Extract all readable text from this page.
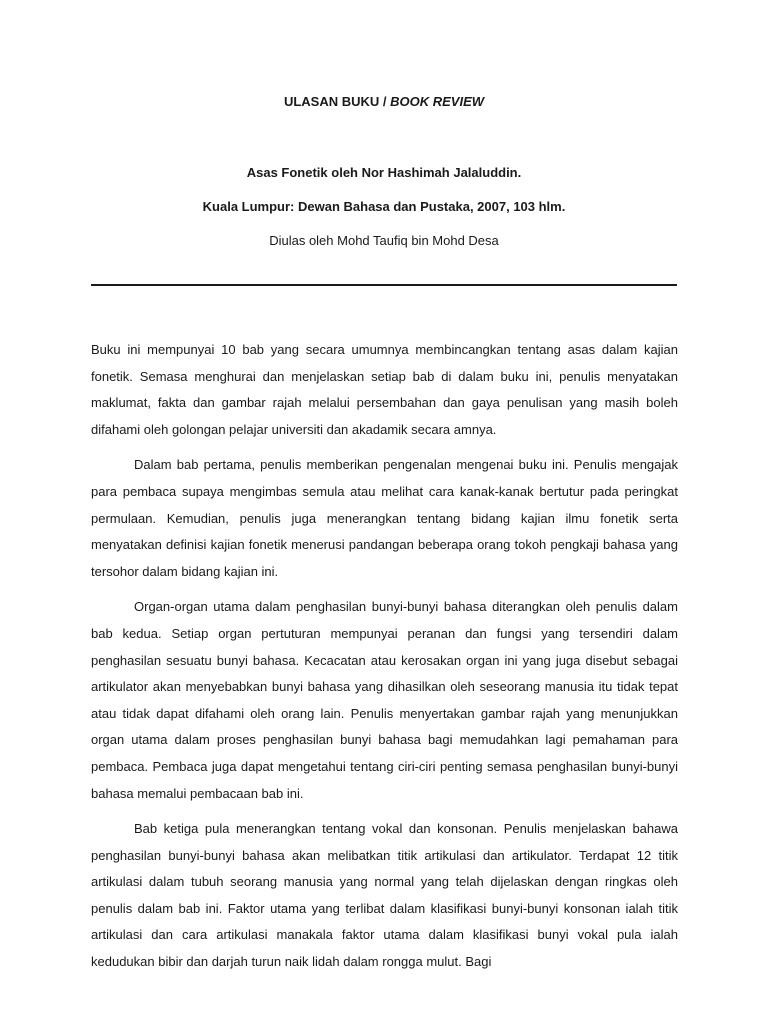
ULASAN BUKU / BOOK REVIEW
Asas Fonetik oleh Nor Hashimah Jalaluddin.
Kuala Lumpur: Dewan Bahasa dan Pustaka, 2007, 103 hlm.
Diulas oleh Mohd Taufiq bin Mohd Desa

Buku ini mempunyai 10 bab yang secara umumnya membincangkan tentang asas dalam kajian fonetik. Semasa menghurai dan menjelaskan setiap bab di dalam buku ini, penulis menyatakan maklumat, fakta dan gambar rajah melalui persembahan dan gaya penulisan yang masih boleh difahami oleh golongan pelajar universiti dan akadamik secara amnya.

Dalam bab pertama, penulis memberikan pengenalan mengenai buku ini. Penulis mengajak para pembaca supaya mengimbas semula atau melihat cara kanak-kanak bertutur pada peringkat permulaan. Kemudian, penulis juga menerangkan tentang bidang kajian ilmu fonetik serta menyatakan definisi kajian fonetik menerusi pandangan beberapa orang tokoh pengkaji bahasa yang tersohor dalam bidang kajian ini.

Organ-organ utama dalam penghasilan bunyi-bunyi bahasa diterangkan oleh penulis dalam bab kedua. Setiap organ pertuturan mempunyai peranan dan fungsi yang tersendiri dalam penghasilan sesuatu bunyi bahasa. Kecacatan atau kerosakan organ ini yang juga disebut sebagai artikulator akan menyebabkan bunyi bahasa yang dihasilkan oleh seseorang manusia itu tidak tepat atau tidak dapat difahami oleh orang lain. Penulis menyertakan gambar rajah yang menunjukkan organ utama dalam proses penghasilan bunyi bahasa bagi memudahkan lagi pemahaman para pembaca. Pembaca juga dapat mengetahui tentang ciri-ciri penting semasa penghasilan bunyi-bunyi bahasa memalui pembacaan bab ini.

Bab ketiga pula menerangkan tentang vokal dan konsonan. Penulis menjelaskan bahawa penghasilan bunyi-bunyi bahasa akan melibatkan titik artikulasi dan artikulator. Terdapat 12 titik artikulasi dalam tubuh seorang manusia yang normal yang telah dijelaskan dengan ringkas oleh penulis dalam bab ini. Faktor utama yang terlibat dalam klasifikasi bunyi-bunyi konsonan ialah titik artikulasi dan cara artikulasi manakala faktor utama dalam klasifikasi bunyi vokal pula ialah kedudukan bibir dan darjah turun naik lidah dalam rongga mulut. Bagi
